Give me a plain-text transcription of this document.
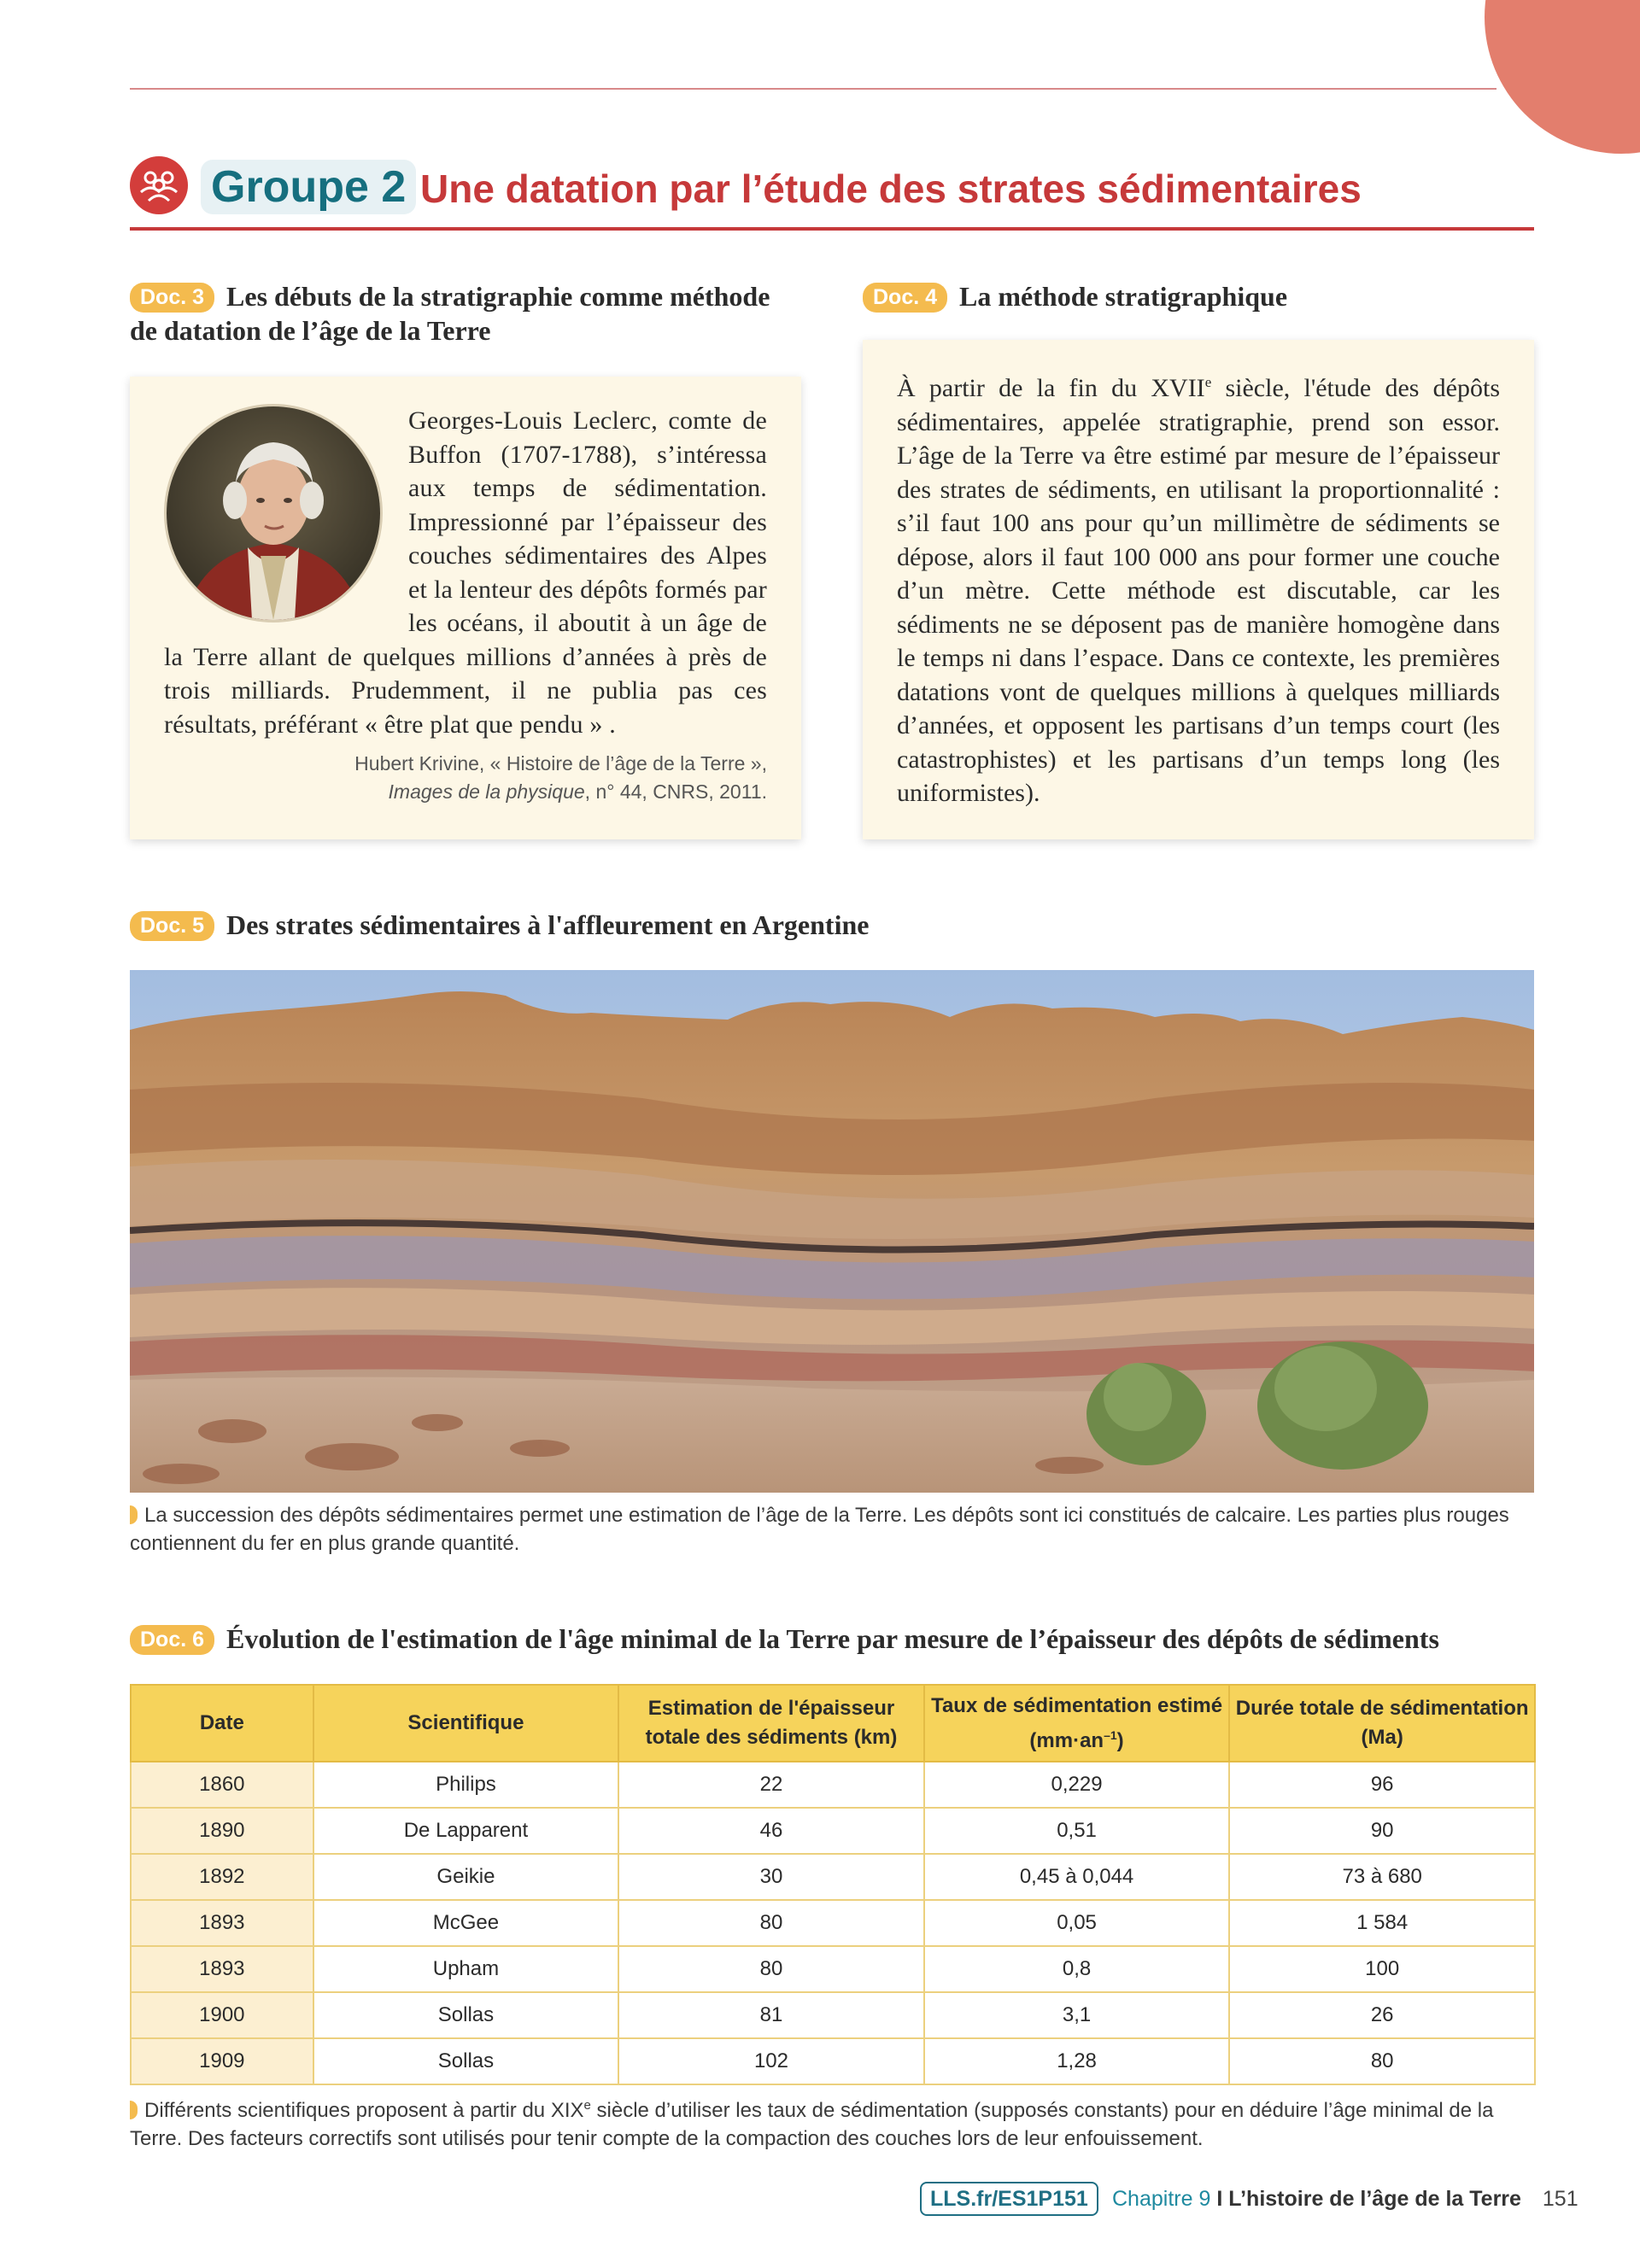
Groupe 2 Une datation par l’étude des strates sédimentaires
Doc. 3 Les débuts de la stratigraphie comme méthode de datation de l’âge de la Terre
Georges-Louis Leclerc, comte de Buffon (1707-1788), s’intéressa aux temps de sédimentation. Impressionné par l’épaisseur des couches sédimentaires des Alpes et la lenteur des dépôts formés par les océans, il aboutit à un âge de la Terre allant de quelques millions d’années à près de trois milliards. Prudemment, il ne publia pas ces résultats, préférant « être plat que pendu » .
Hubert Krivine, « Histoire de l’âge de la Terre »,
Images de la physique, n° 44, CNRS, 2011.
Doc. 4 La méthode stratigraphique
À partir de la fin du XVIIe siècle, l'étude des dépôts sédimentaires, appelée stratigraphie, prend son essor. L’âge de la Terre va être estimé par mesure de l’épaisseur des strates de sédiments, en utilisant la proportionnalité : s’il faut 100 ans pour qu’un millimètre de sédiments se dépose, alors il faut 100 000 ans pour former une couche d’un mètre. Cette méthode est discutable, car les sédiments ne se déposent pas de manière homogène dans le temps ni dans l’espace. Dans ce contexte, les premières datations vont de quelques millions à quelques milliards d’années, et opposent les partisans d’un temps court (les catastrophistes) et les partisans d’un temps long (les uniformistes).
Doc. 5 Des strates sédimentaires à l'affleurement en Argentine
La succession des dépôts sédimentaires permet une estimation de l’âge de la Terre. Les dépôts sont ici constitués de calcaire. Les parties plus rouges contiennent du fer en plus grande quantité.
Doc. 6 Évolution de l'estimation de l'âge minimal de la Terre par mesure de l’épaisseur des dépôts de sédiments
Date	Scientifique	Estimation de l'épaisseur totale des sédiments (km)	Taux de sédimentation estimé $(mm\cdot an^{-1})$	Durée totale de sédimentation (Ma)
1860	Philips	22	0,229	96
1890	De Lapparent	46	0,51	90
1892	Geikie	30	0,45 à 0,044	73 à 680
1893	McGee	80	0,05	1 584
1893	Upham	80	0,8	100
1900	Sollas	81	3,1	26
1909	Sollas	102	1,28	80
Différents scientifiques proposent à partir du XIXe siècle d’utiliser les taux de sédimentation (supposés constants) pour en déduire l’âge minimal de la Terre. Des facteurs correctifs sont utilisés pour tenir compte de la compaction des couches lors de leur enfouissement.
LLS.fr/ES1P151	Chapitre 9 I L’histoire de l’âge de la Terre 151
